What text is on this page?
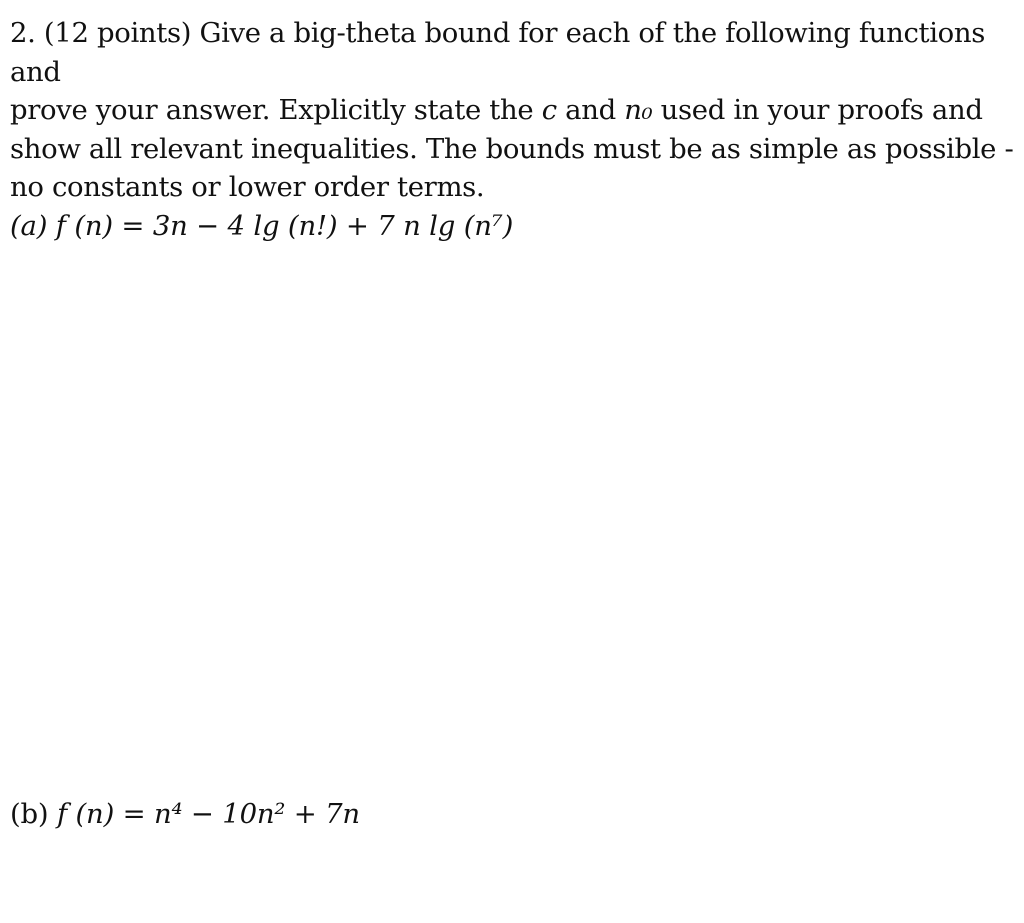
2. (12 points) Give a big-theta bound for each of the following functions and
prove your answer. Explicitly state the c and n₀ used in your proofs and
show all relevant inequalities. The bounds must be as simple as possible -
no constants or lower order terms.
(a) f (n) = 3n − 4 lg (n!) + 7 n lg (n⁷)
(b) f (n) = n⁴ − 10n² + 7n
